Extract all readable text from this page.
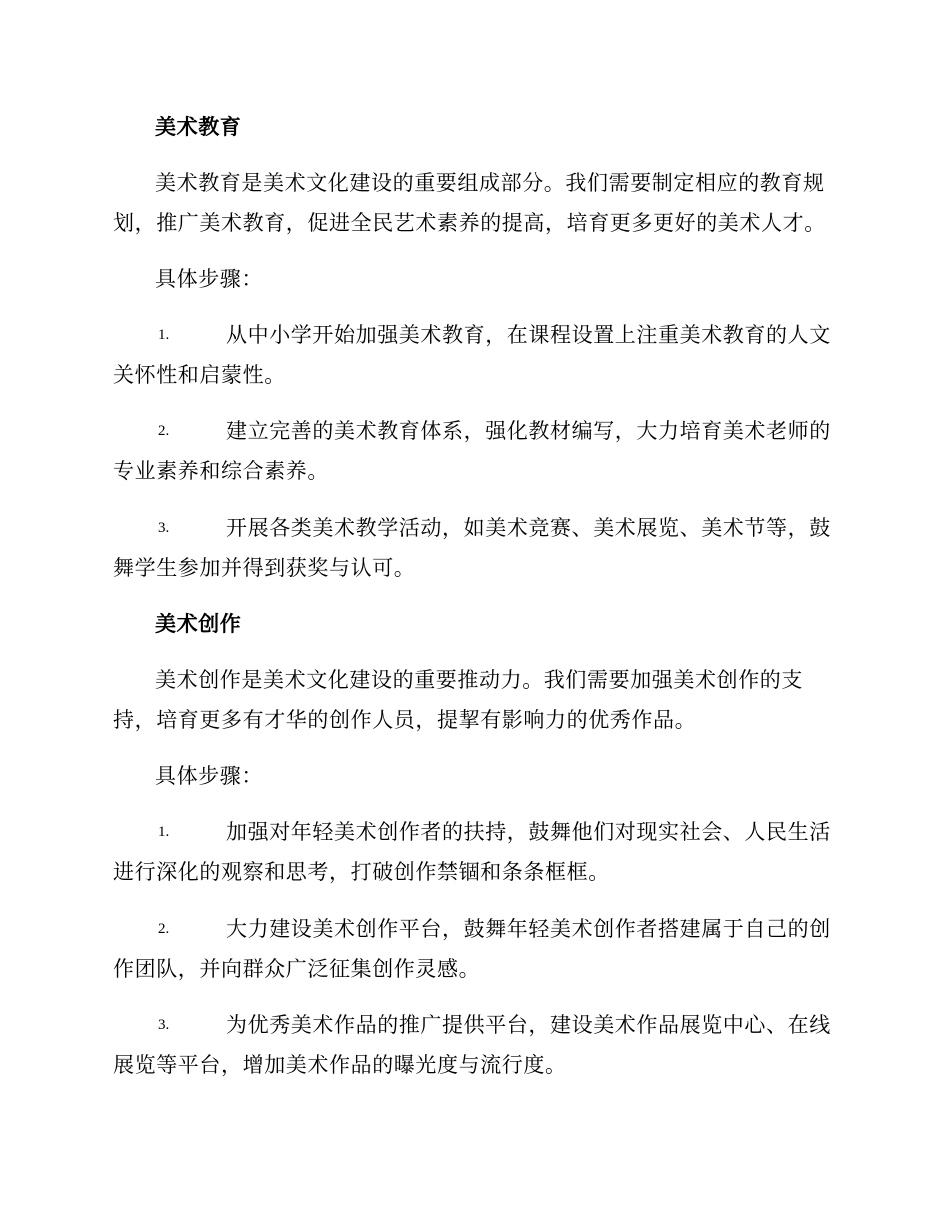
美术教育
美术教育是美术文化建设的重要组成部分。我们需要制定相应的教育规
划，推广美术教育，促进全民艺术素养的提高，培育更多更好的美术人才。
具体步骤：
1.	从中小学开始加强美术教育，在课程设置上注重美术教育的人文
关怀性和启蒙性。
2.	建立完善的美术教育体系，强化教材编写，大力培育美术老师的
专业素养和综合素养。
3.	开展各类美术教学活动，如美术竞赛、美术展览、美术节等，鼓
舞学生参加并得到获奖与认可。
美术创作
美术创作是美术文化建设的重要推动力。我们需要加强美术创作的支
持，培育更多有才华的创作人员，提挈有影响力的优秀作品。
具体步骤：
1.	加强对年轻美术创作者的扶持，鼓舞他们对现实社会、人民生活
进行深化的观察和思考，打破创作禁锢和条条框框。
2.	大力建设美术创作平台，鼓舞年轻美术创作者搭建属于自己的创
作团队，并向群众广泛征集创作灵感。
3.	为优秀美术作品的推广提供平台，建设美术作品展览中心、在线
展览等平台，增加美术作品的曝光度与流行度。
